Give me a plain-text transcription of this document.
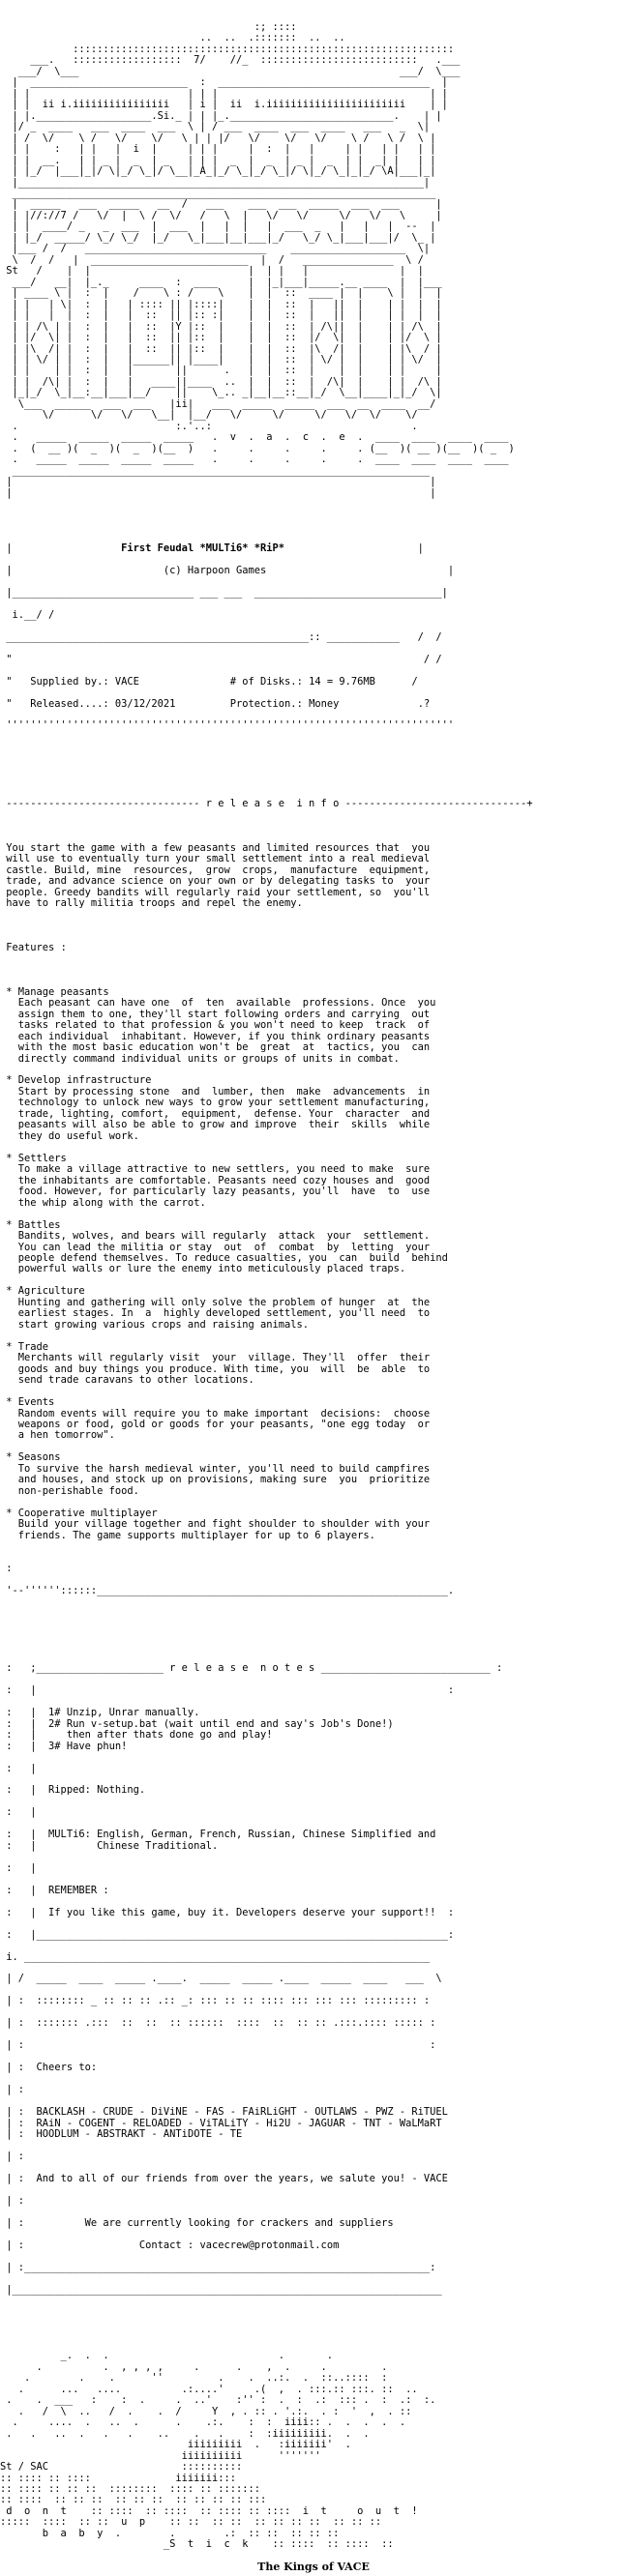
:; ::::
..  ..  .:::::::  ..  ..
:::::::::::::::::::::::::::::::::::::::::::::::::::::::::::::::
___.   ::::::::::::::::::  7/    //_  ::::::::::::::::::::::::::   .___
___/  \___                                                     ___/  \___
|  __________________________  :  ___________________________________  |
| |                          | | |                                   | |
| |  ii i.iiiiiiiiiiiiiiii   | i |  ii  i.iiiiiiiiiiiiiiiiiiiiiii    | |
| |.___________________.Si._ | | |_.___________________________.    | |
|/ _  ____   ___  ____  ___  \ | / ___  ____  ___  ____   ___   _  \|
| /  \/    \ /   \/    \/   \ | | |/   \/    \/   \/    \ /   \ /  \ |
| |    :   | |   |  i  |     | | |     |  :  |   |     | |   | |   | |
| |  __.   | | _ |  _  | _   | | |  _  |  _  | _ |  _  | |  _| |   | |
| |_/  |___|_|/ \|_/ \_|/ \__|_A_|_/ \_|_/ \_|/ \|_/ \_|_|_/ \A|___|_|
|___________________________________________________________________|
______________________________________________________________________
|  _____   ___  _____   __  /   ___    ___  ___  _____  ___  ___      |
| |//://7 /   \/  |  \ /  \/   /   \  |   \/   \/     \/   \/   \     |
| |  ____/ _   _  ___  |  ___  |   |  |   |  ___  _   |   |   |  --  |
| |_/  _____/ \_/ \_/  |_/   \_|___|__|___|_/   \_/ \_|___|___|/  \_ |
|___ /  /   ______________________________    ___________________  \|
\  /  /   |  __________________________  |  /   _______________  \ /
St   /    |  |                          |  | |   |               |  |
___/   __|  |_._     ____  :  ____     |  |_|___|_____.__ ____  |  |___
| ____ \ |  :  |    /    \ : /    \    |  |  ::  ____ |  |    \ |  |  |
| |   | \|  :  |   | :::: || |::::|    |  |  ::  |   ||  |    | |  |  |
| |   |  |  :  |   |  ::  || |:: :|    |  |  ::  |   ||  |    | |  |  |
| | /\ | |  :  |   |  ::  |Y |::  |    |  |  ::  | /\||  |    | | /\  |
| |/  \| |  :  |   |  ::  || |::  |    |  |  ::  |/  \|  |    | |/  \ |
| |\  /| |  :  |   |  ::  || |::  |    |  |  ::  |\  /|  |    | |\  / |
| | \/ | |  :  |   |______|| |____|    |  |  ::  | \/ |  |    | | \/  |
| |    | |  :  |   |       ||      .   |  |  ::  |    |  |    | |     |
| |  /\| |  :  |   |   ____||____  ..  |  |  ::  |  /\|  |    | |  /\ |
|_|_/  \_|__:__|___|__/    ||    \_.. _|__|__::__|_/  \__|____|_|_/  \|
\___  ______  ___  ___   |ii|   ___  _____  _____  ___  __  ____  __/
\/      \/   \/   \__|  |__/   \/     \/     \/   \/  \/    \/
.                          :.'..:                                 .
.   _____  _____  _____  _____   .  v  .  a  .  c  .  e  .  ____  ____  ____  ____
.  (  __ )(  _  )(  _  )(__  )   .     .     .     .     . (__  )( __ )(__  )( _  )
.   _____  _____  _____  _____   .     .     .     .     .  ____  ____  ____  ____
_____________________________________________________________________
|                                                                     |
|                                                                     |

|                  First Feudal *MULTi6* *RiP*                      |

|                         (c) Harpoon Games                              |

|______________________________ ___ ___  _______________________________|

i.__/ /

__________________________________________________:: ____________   /  /

"                                                                    / /

"   Supplied by.: VACE	# of Disks.: 14 = 9.76MB      /

"   Released....: 03/12/2021	Protection.: Money             .?

''''''''''''''''''''''''''''''''''''''''''''''''''''''''''''''''''''''''''

-------------------------------- r e l e a s e  i n f o ------------------------------+

You start the game with a few peasants and limited resources that  you
will use to eventually turn your small settlement into a real medieval
castle. Build, mine  resources,  grow  crops,  manufacture  equipment,
trade, and advance science on your own or by delegating tasks to  your
people. Greedy bandits will regularly raid your settlement, so  you'll
have to rally militia troops and repel the enemy.

Features :

* Manage peasants
Each peasant can have one  of  ten  available  professions. Once  you
assign them to one, they'll start following orders and carrying  out
tasks related to that profession & you won't need to keep  track  of
each individual  inhabitant. However, if you think ordinary peasants
with the most basic education won't be  great  at  tactics, you  can
directly command individual units or groups of units in combat.

* Develop infrastructure
Start by processing stone  and  lumber, then  make  advancements  in
technology to unlock new ways to grow your settlement manufacturing,
trade, lighting, comfort,  equipment,  defense. Your  character  and
peasants will also be able to grow and improve  their  skills  while
they do useful work.

* Settlers
To make a village attractive to new settlers, you need to make  sure
the inhabitants are comfortable. Peasants need cozy houses and  good
food. However, for particularly lazy peasants, you'll  have  to  use
the whip along with the carrot.

* Battles
Bandits, wolves, and bears will regularly  attack  your  settlement.
You can lead the militia or stay  out  of  combat  by  letting  your
people defend themselves. To reduce casualties, you  can  build  behind
powerful walls or lure the enemy into meticulously placed traps.

* Agriculture
Hunting and gathering will only solve the problem of hunger  at  the
earliest stages. In  a  highly developed settlement, you'll need  to
start growing various crops and raising animals.

* Trade
Merchants will regularly visit  your  village. They'll  offer  their
goods and buy things you produce. With time, you  will  be  able  to
send trade caravans to other locations.

* Events
Random events will require you to make important  decisions:  choose
weapons or food, gold or goods for your peasants, "one egg today  or
a hen tomorrow".

* Seasons
To survive the harsh medieval winter, you'll need to build campfires
and houses, and stock up on provisions, making sure  you  prioritize
non-perishable food.

* Cooperative multiplayer
Build your village together and fight shoulder to shoulder with your
friends. The game supports multiplayer for up to 6 players.

:

'--''''''::::::__________________________________________________________.

:   ;_____________________ r e l e a s e  n o t e s ____________________________ :

:   |                                                                    :

:   |  1# Unzip, Unrar manually.
:   |  2# Run v-setup.bat (wait until end and say's Job's Done!)
:   |     then after thats done go and play!
:   |  3# Have phun!

:   |

:   |  Ripped: Nothing.

:   |

:   |  MULTi6: English, German, French, Russian, Chinese Simplified and
:   |          Chinese Traditional.

:   |

:   |  REMEMBER :

:   |  If you like this game, buy it. Developers deserve your support!!  :

:   |____________________________________________________________________:

i. ___________________________________________________________________

| /  _____  ____  _____ .____.  _____  _____ .____  _____  ____   ___  \

| :  :::::::: _ :: :: :: .:: _: ::: :: :: :::: ::: ::: ::: ::::::::: :

| :  ::::::: .:::  ::  ::  :: ::::::  ::::  ::  :: :: .:::.:::: ::::: :

| :                                                                   :

| :  Cheers to:

| :

| :  BACKLASH - CRUDE - DiViNE - FAS - FAiRLiGHT - OUTLAWS - PWZ - RiTUEL
| :  RAiN - COGENT - RELOADED - ViTALiTY - Hi2U - JAGUAR - TNT - WaLMaRT
| :  HOODLUM - ABSTRAKT - ANTiDOTE - TE

| :

| :  And to all of our friends from over the years, we salute you! - VACE

| :

| :          We are currently looking for crackers and suppliers

| :                   Contact : vacecrew@protonmail.com

| :___________________________________________________________________:

|_______________________________________________________________________

_.  .  .                            .       .
.          .  , , , ,     .      .    ,  .     .         .
.        .    .      ''         .    .  ..:.  .  ::..::::  :
.      ...   ....          .:....'     .(  ,  . :::.:: :::. ::  ..
.    .  ___   :    :  .     .  ..'    :'' :  .  :  .:  ::: .  :  .:  :.
.   /  \  ..   /  .    .  /     Y  , . :: . '.:.  . :  '  ,  . ::
.     ....  .   ..  .      .    .:.    :  :  iiii:: .  .  .  .  .
.   .   ..  .   .   .    ..    .   .    :  :iiiiiiiii.  .  .
iiiiiiiii  .   :iiiiiii'  .
iiiiiiiiii      '''''''
St / SAC                      ::::::::::
:: :::: :: ::::              iiiiiii:::
:: :::: :: :: ::  ::::::::  :::: :: :::::::
:: ::::  :: :: ::  :: :: ::  :: :: :: :: :::
d  o  n  t    :: ::::  :: ::::  :: :::: :: ::::  i  t     o  u  t  !
:::::  ::::  :: ::  u  p    :: ::  :: ::  :: :: :: ::  :: :: ::
b  a  b  y  .        .        .:  :: ::  :: :: ::
_S  t  i  c  k    :: ::::  :: ::::  ::

The Kings of VACE
